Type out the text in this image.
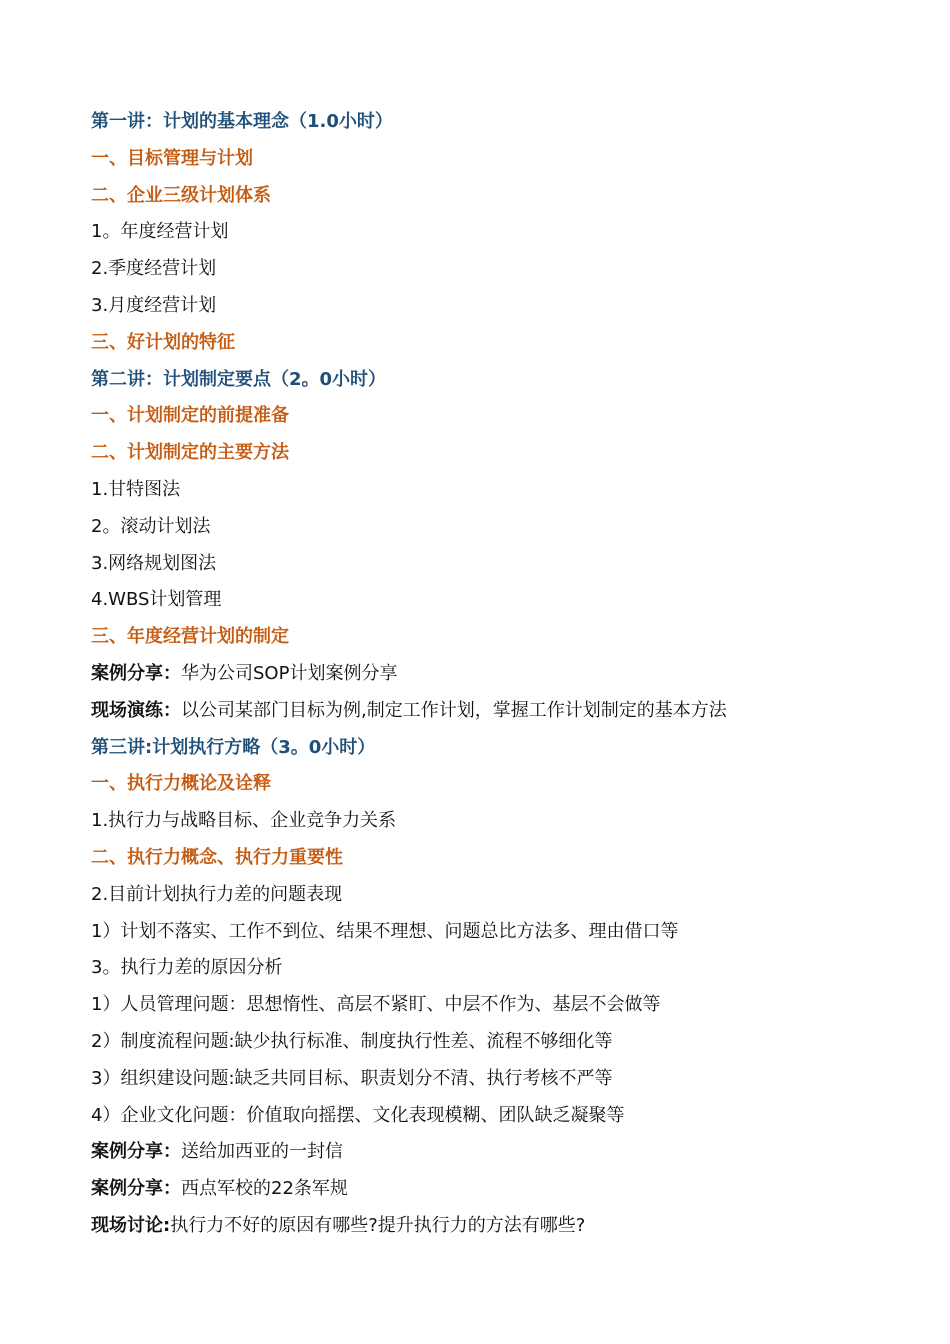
第一讲：计划的基本理念（1.0小时）
一、目标管理与计划
二、企业三级计划体系
1。年度经营计划
2.季度经营计划
3.月度经营计划
三、好计划的特征
第二讲：计划制定要点（2。0小时）
一、计划制定的前提准备
二、计划制定的主要方法
1.甘特图法
2。滚动计划法
3.网络规划图法
4.WBS计划管理
三、年度经营计划的制定
案例分享：华为公司SOP计划案例分享
现场演练：以公司某部门目标为例,制定工作计划，掌握工作计划制定的基本方法
第三讲:计划执行方略（3。0小时）
一、执行力概论及诠释
1.执行力与战略目标、企业竞争力关系
二、执行力概念、执行力重要性
2.目前计划执行力差的问题表现
1）计划不落实、工作不到位、结果不理想、问题总比方法多、理由借口等
3。执行力差的原因分析
1）人员管理问题：思想惰性、高层不紧盯、中层不作为、基层不会做等
2）制度流程问题:缺少执行标准、制度执行性差、流程不够细化等
3）组织建设问题:缺乏共同目标、职责划分不清、执行考核不严等
4）企业文化问题：价值取向摇摆、文化表现模糊、团队缺乏凝聚等
案例分享：送给加西亚的一封信
案例分享：西点军校的22条军规
现场讨论:执行力不好的原因有哪些?提升执行力的方法有哪些?
